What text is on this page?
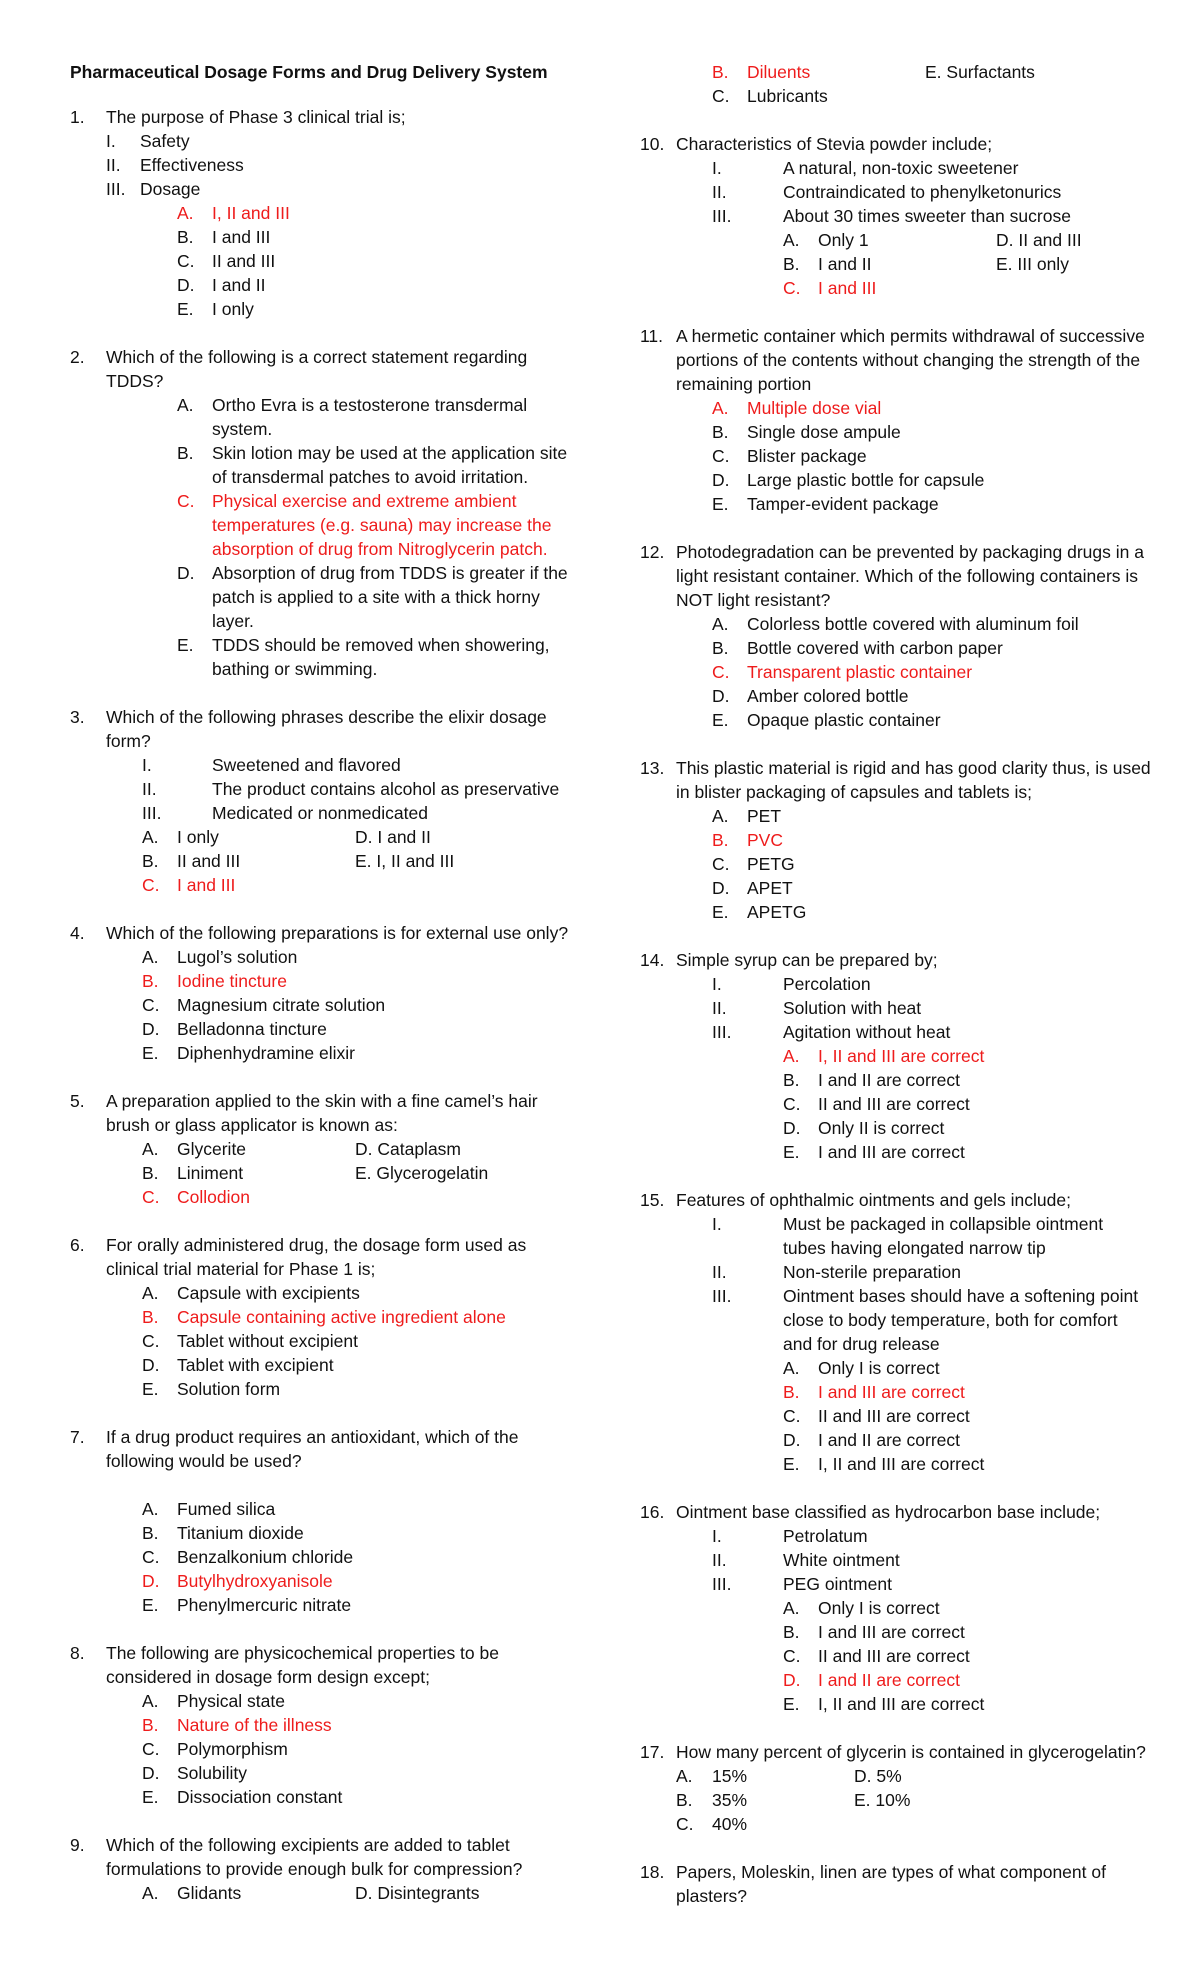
Pharmaceutical Dosage Forms and Drug Delivery System
1. The purpose of Phase 3 clinical trial is;
I. Safety
II. Effectiveness
III. Dosage
A. I, II and III
B. I and III
C. II and III
D. I and II
E. I only
2. Which of the following is a correct statement regarding
TDDS?
A. Ortho Evra is a testosterone transdermal
system.
B. Skin lotion may be used at the application site
of transdermal patches to avoid irritation.
C. Physical exercise and extreme ambient
temperatures (e.g. sauna) may increase the
absorption of drug from Nitroglycerin patch.
D. Absorption of drug from TDDS is greater if the
patch is applied to a site with a thick horny
layer.
E. TDDS should be removed when showering,
bathing or swimming.
3. Which of the following phrases describe the elixir dosage
form?
I.	Sweetened and flavored
II.	The product contains alcohol as preservative
III.	Medicated or nonmedicated
A. I only	D. I and II
B. II and III	E. I, II and III
C. I and III
4. Which of the following preparations is for external use only?
A. Lugol’s solution
B. Iodine tincture
C. Magnesium citrate solution
D. Belladonna tincture
E. Diphenhydramine elixir
5. A preparation applied to the skin with a fine camel’s hair
brush or glass applicator is known as:
A. Glycerite	D. Cataplasm
B. Liniment	E. Glycerogelatin
C. Collodion
6. For orally administered drug, the dosage form used as
clinical trial material for Phase 1 is;
A. Capsule with excipients
B. Capsule containing active ingredient alone
C. Tablet without excipient
D. Tablet with excipient
E. Solution form
7. If a drug product requires an antioxidant, which of the
following would be used?
A. Fumed silica
B. Titanium dioxide
C. Benzalkonium chloride
D. Butylhydroxyanisole
E. Phenylmercuric nitrate
8. The following are physicochemical properties to be
considered in dosage form design except;
A. Physical state
B. Nature of the illness
C. Polymorphism
D. Solubility
E. Dissociation constant
9. Which of the following excipients are added to tablet
formulations to provide enough bulk for compression?
A. Glidants	D. Disintegrants
B. Diluents	E. Surfactants
C. Lubricants
10. Characteristics of Stevia powder include;
I.	A natural, non-toxic sweetener
II.	Contraindicated to phenylketonurics
III.	About 30 times sweeter than sucrose
A. Only 1	D. II and III
B. I and II	E. III only
C. I and III
11. A hermetic container which permits withdrawal of successive
portions of the contents without changing the strength of the
remaining portion
A. Multiple dose vial
B. Single dose ampule
C. Blister package
D. Large plastic bottle for capsule
E. Tamper-evident package
12. Photodegradation can be prevented by packaging drugs in a
light resistant container. Which of the following containers is
NOT light resistant?
A. Colorless bottle covered with aluminum foil
B. Bottle covered with carbon paper
C. Transparent plastic container
D. Amber colored bottle
E. Opaque plastic container
13. This plastic material is rigid and has good clarity thus, is used
in blister packaging of capsules and tablets is;
A. PET
B. PVC
C. PETG
D. APET
E. APETG
14. Simple syrup can be prepared by;
I.	Percolation
II.	Solution with heat
III.	Agitation without heat
A. I, II and III are correct
B. I and II are correct
C. II and III are correct
D. Only II is correct
E. I and III are correct
15. Features of ophthalmic ointments and gels include;
I.	Must be packaged in collapsible ointment
tubes having elongated narrow tip
II.	Non-sterile preparation
III.	Ointment bases should have a softening point
close to body temperature, both for comfort
and for drug release
A. Only I is correct
B. I and III are correct
C. II and III are correct
D. I and II are correct
E. I, II and III are correct
16. Ointment base classified as hydrocarbon base include;
I.	Petrolatum
II.	White ointment
III.	PEG ointment
A. Only I is correct
B. I and III are correct
C. II and III are correct
D. I and II are correct
E. I, II and III are correct
17. How many percent of glycerin is contained in glycerogelatin?
A. 15%	D. 5%
B. 35%	E. 10%
C. 40%
18. Papers, Moleskin, linen are types of what component of
plasters?
